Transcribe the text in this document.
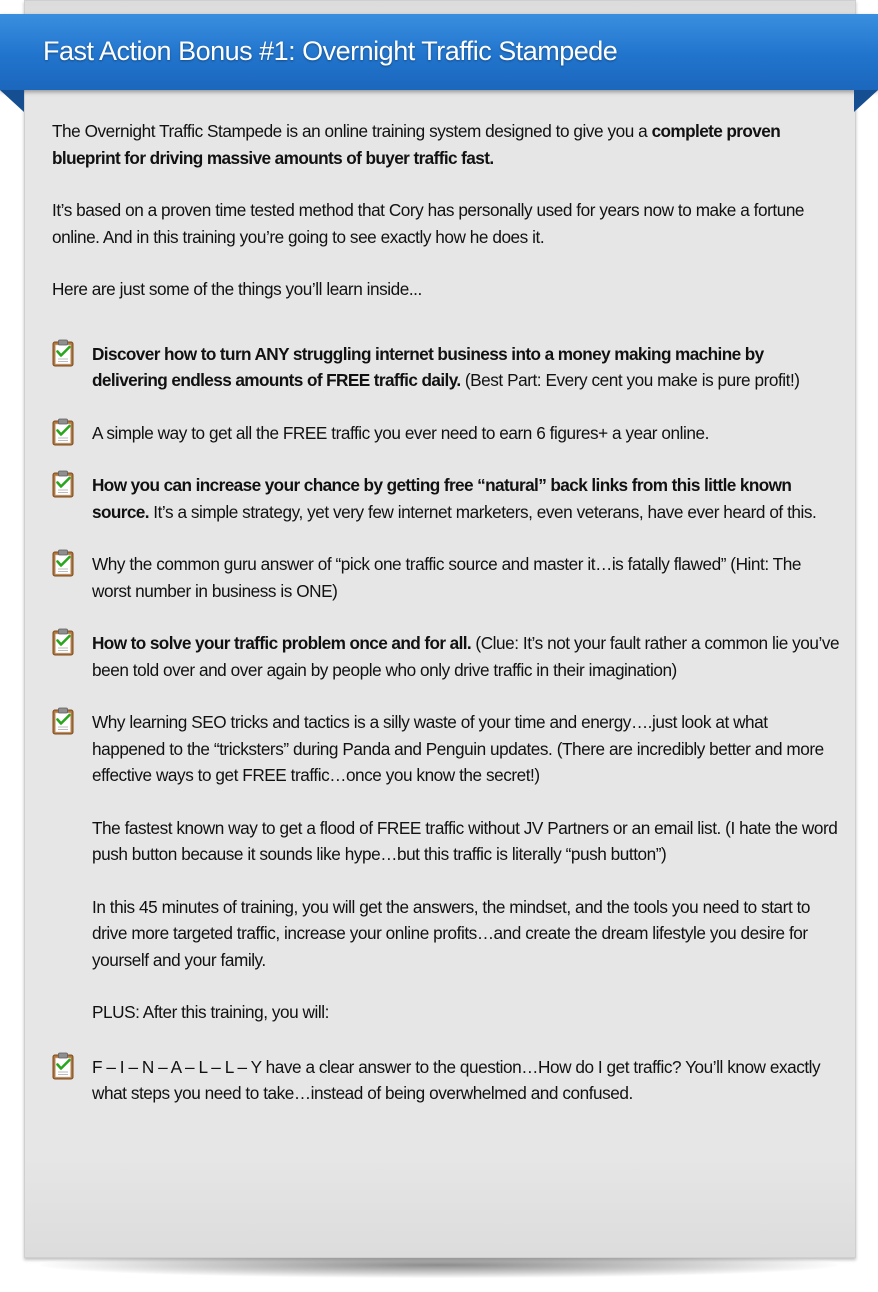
Fast Action Bonus #1: Overnight Traffic Stampede

The Overnight Traffic Stampede is an online training system designed to give you a complete proven blueprint for driving massive amounts of buyer traffic fast.

It’s based on a proven time tested method that Cory has personally used for years now to make a fortune online. And in this training you’re going to see exactly how he does it.

Here are just some of the things you’ll learn inside...

Discover how to turn ANY struggling internet business into a money making machine by delivering endless amounts of FREE traffic daily. (Best Part: Every cent you make is pure profit!)
A simple way to get all the FREE traffic you ever need to earn 6 figures+ a year online.
How you can increase your chance by getting free “natural” back links from this little known source. It’s a simple strategy, yet very few internet marketers, even veterans, have ever heard of this.
Why the common guru answer of “pick one traffic source and master it…is fatally flawed” (Hint: The worst number in business is ONE)
How to solve your traffic problem once and for all. (Clue: It’s not your fault rather a common lie you’ve been told over and over again by people who only drive traffic in their imagination)
Why learning SEO tricks and tactics is a silly waste of your time and energy….just look at what happened to the “tricksters” during Panda and Penguin updates. (There are incredibly better and more effective ways to get FREE traffic…once you know the secret!)
The fastest known way to get a flood of FREE traffic without JV Partners or an email list. (I hate the word push button because it sounds like hype…but this traffic is literally “push button”)
In this 45 minutes of training, you will get the answers, the mindset, and the tools you need to start to drive more targeted traffic, increase your online profits…and create the dream lifestyle you desire for yourself and your family.
PLUS: After this training, you will:
F – I – N – A – L – L – Y have a clear answer to the question…How do I get traffic? You’ll know exactly what steps you need to take…instead of being overwhelmed and confused.
